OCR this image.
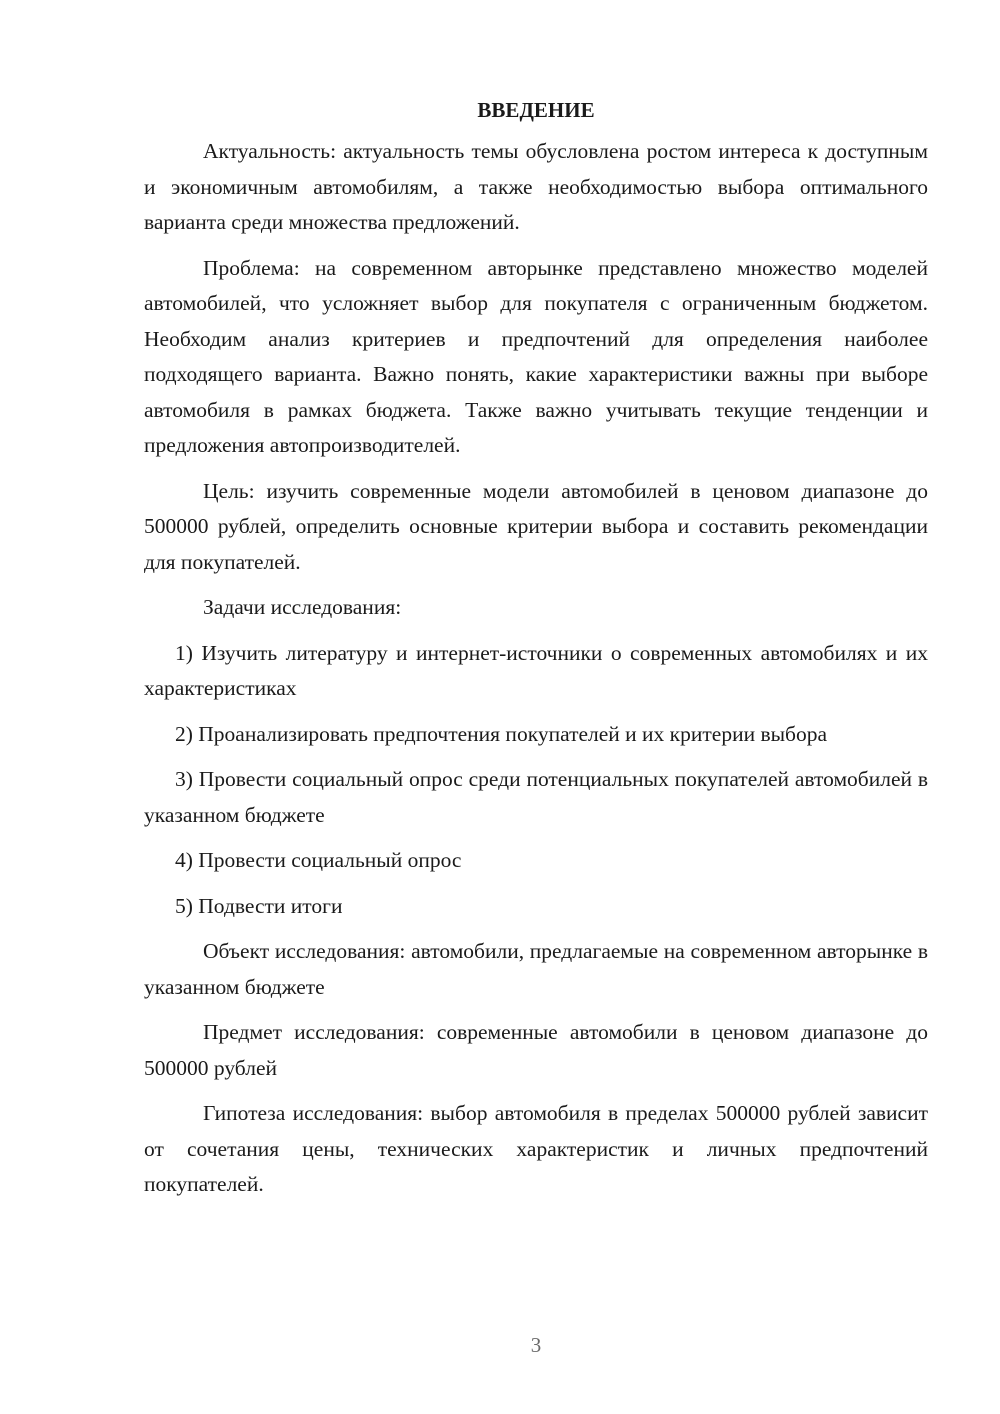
ВВЕДЕНИЕ

Актуальность: актуальность темы обусловлена ростом интереса к доступным и экономичным автомобилям, а также необходимостью выбора оптимального варианта среди множества предложений.

Проблема: на современном авторынке представлено множество моделей автомобилей, что усложняет выбор для покупателя с ограниченным бюджетом. Необходим анализ критериев и предпочтений для определения наиболее подходящего варианта. Важно понять, какие характеристики важны при выборе автомобиля в рамках бюджета. Также важно учитывать текущие тенденции и предложения автопроизводителей.

Цель: изучить современные модели автомобилей в ценовом диапазоне до 500000 рублей, определить основные критерии выбора и составить рекомендации для покупателей.

Задачи исследования:

1) Изучить литературу и интернет-источники о современных автомобилях и их характеристиках

2) Проанализировать предпочтения покупателей и их критерии выбора

3) Провести социальный опрос среди потенциальных покупателей автомобилей в указанном бюджете

4) Провести социальный опрос

5) Подвести итоги

Объект исследования: автомобили, предлагаемые на современном авторынке в указанном бюджете

Предмет исследования: современные автомобили в ценовом диапазоне до 500000 рублей

Гипотеза исследования: выбор автомобиля в пределах 500000 рублей зависит от сочетания цены, технических характеристик и личных предпочтений покупателей.

3
